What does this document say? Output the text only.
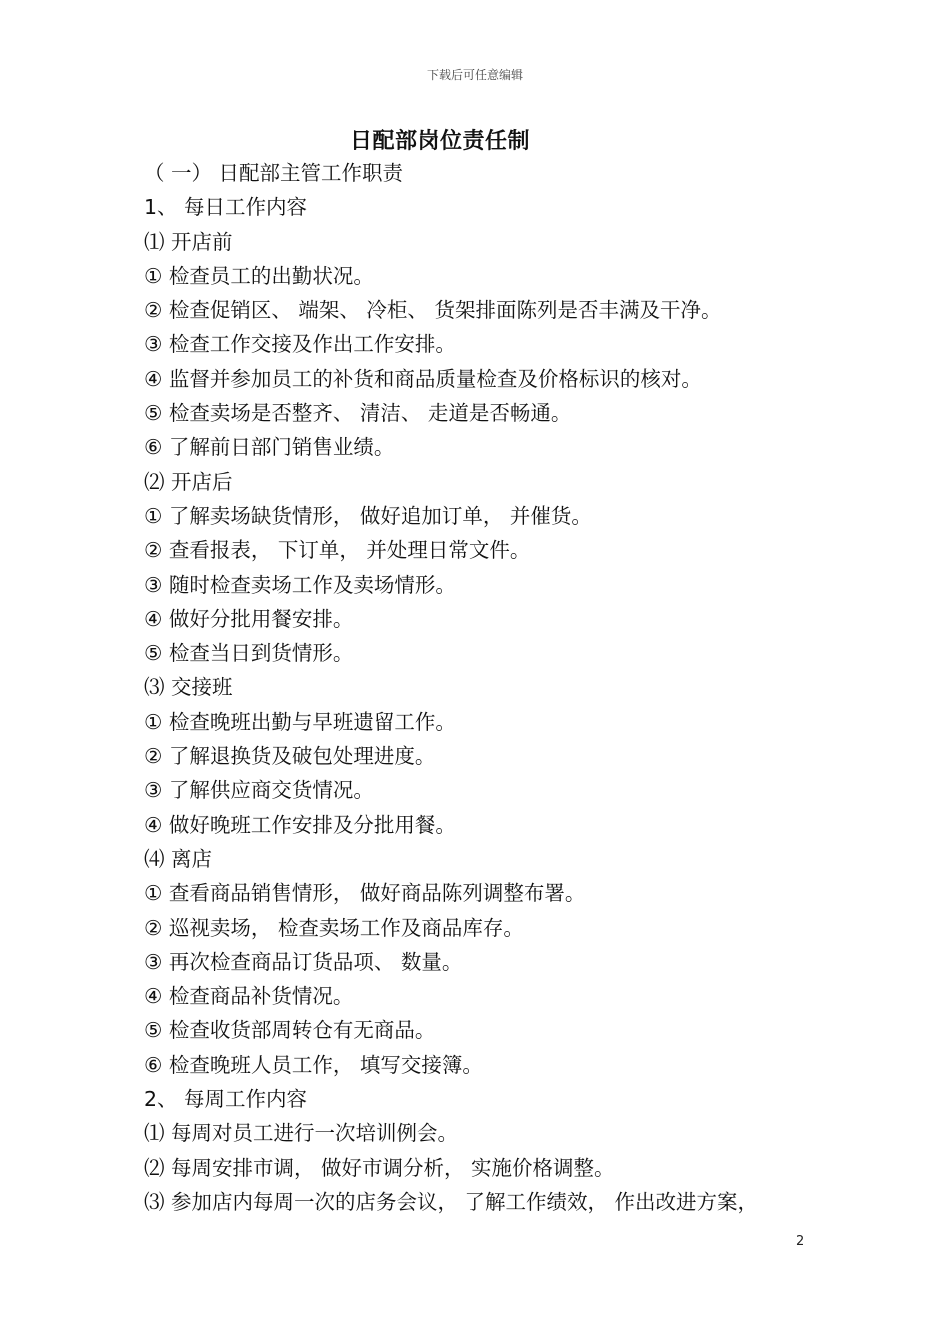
下载后可任意编辑
日配部岗位责任制
（ 一） 日配部主管工作职责
1、 每日工作内容
⑴ 开店前
① 检查员工的出勤状况。
② 检查促销区、 端架、 冷柜、 货架排面陈列是否丰满及干净。
③ 检查工作交接及作出工作安排。
④ 监督并参加员工的补货和商品质量检查及价格标识的核对。
⑤ 检查卖场是否整齐、 清洁、 走道是否畅通。
⑥ 了解前日部门销售业绩。
⑵ 开店后
① 了解卖场缺货情形， 做好追加订单， 并催货。
② 查看报表， 下订单， 并处理日常文件。
③ 随时检查卖场工作及卖场情形。
④ 做好分批用餐安排。
⑤ 检查当日到货情形。
⑶ 交接班
① 检查晚班出勤与早班遗留工作。
② 了解退换货及破包处理进度。
③ 了解供应商交货情况。
④ 做好晚班工作安排及分批用餐。
⑷ 离店
① 查看商品销售情形， 做好商品陈列调整布署。
② 巡视卖场， 检查卖场工作及商品库存。
③ 再次检查商品订货品项、 数量。
④ 检查商品补货情况。
⑤ 检查收货部周转仓有无商品。
⑥ 检查晚班人员工作， 填写交接簿。
2、 每周工作内容
⑴ 每周对员工进行一次培训例会。
⑵ 每周安排市调， 做好市调分析， 实施价格调整。
⑶ 参加店内每周一次的店务会议， 了解工作绩效， 作出改进方案，
2
